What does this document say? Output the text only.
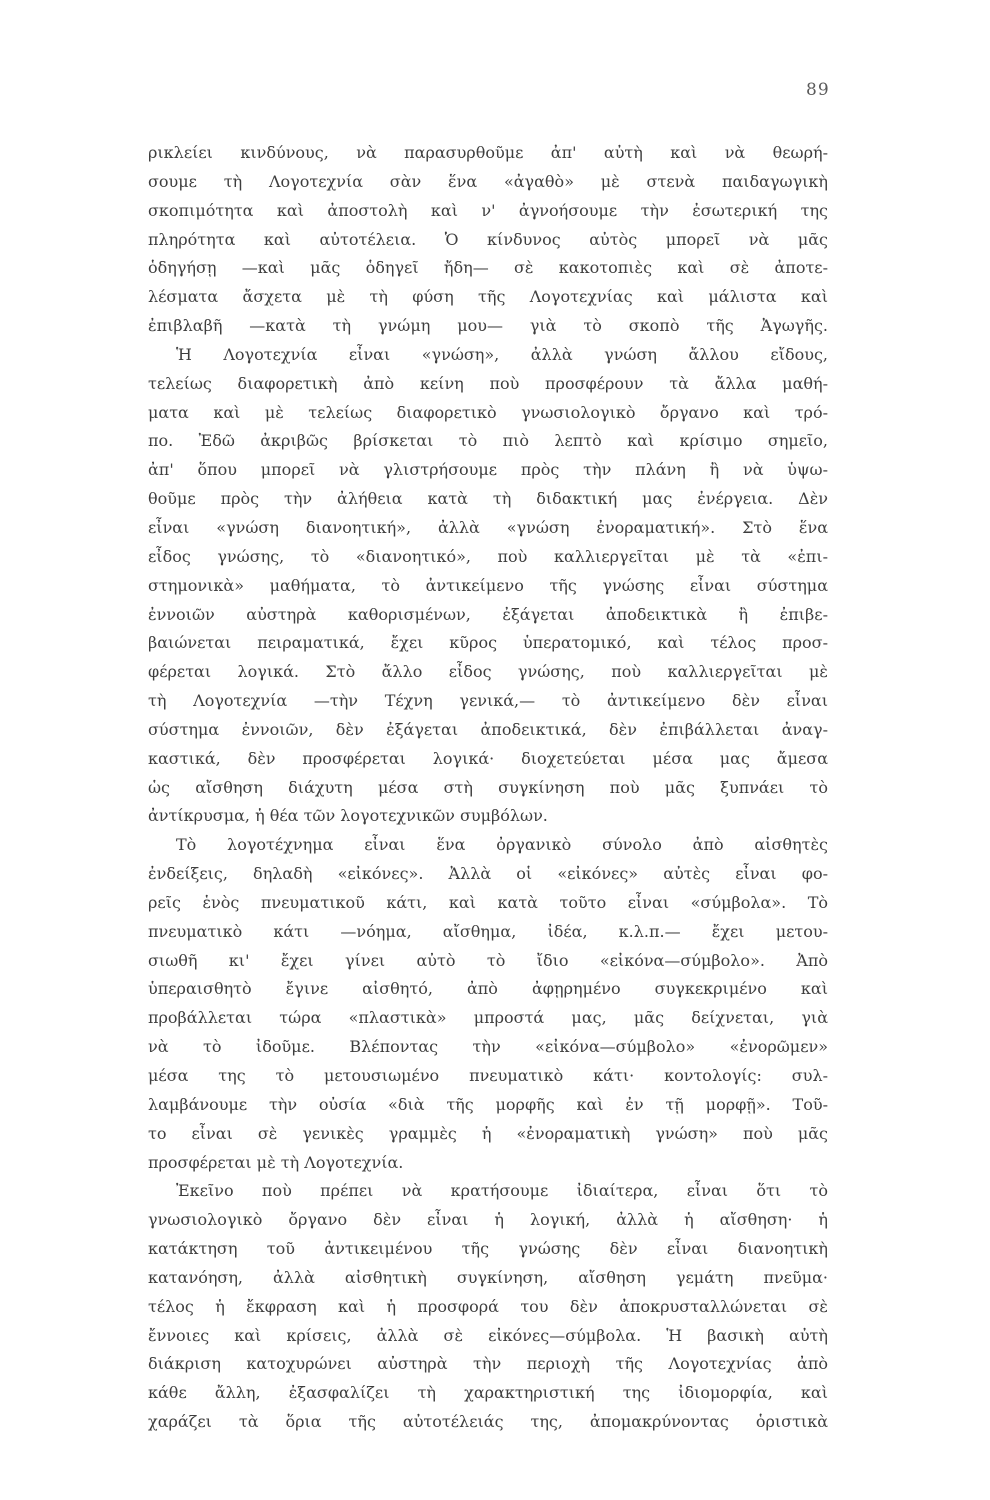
89
ρικλείει κινδύνους, νὰ παρασυρθοῦμε ἀπ' αὐτὴ καὶ νὰ θεωρή-
σουμε τὴ Λογοτεχνία σὰν ἕνα «ἀγαθὸ» μὲ στενὰ παιδαγωγικὴ
σκοπιμότητα καὶ ἀποστολὴ καὶ ν' ἀγνοήσουμε τὴν ἐσωτερική της
πληρότητα καὶ αὐτοτέλεια. Ὁ κίνδυνος αὐτὸς μπορεῖ νὰ μᾶς
ὁδηγήσῃ —καὶ μᾶς ὁδηγεῖ ἤδη— σὲ κακοτοπιὲς καὶ σὲ ἀποτε-
λέσματα ἄσχετα μὲ τὴ φύση τῆς Λογοτεχνίας καὶ μάλιστα καὶ
ἐπιβλαβῆ —κατὰ τὴ γνώμη μου— γιὰ τὸ σκοπὸ τῆς Ἀγωγῆς.
Ἡ Λογοτεχνία εἶναι «γνώση», ἀλλὰ γνώση ἄλλου εἴδους,
τελείως διαφορετικὴ ἀπὸ κείνη ποὺ προσφέρουν τὰ ἄλλα μαθή-
ματα καὶ μὲ τελείως διαφορετικὸ γνωσιολογικὸ ὄργανο καὶ τρό-
πο. Ἐδῶ ἀκριβῶς βρίσκεται τὸ πιὸ λεπτὸ καὶ κρίσιμο σημεῖο,
ἀπ' ὅπου μπορεῖ νὰ γλιστρήσουμε πρὸς τὴν πλάνη ἢ νὰ ὑψω-
θοῦμε πρὸς τὴν ἀλήθεια κατὰ τὴ διδακτική μας ἐνέργεια. Δὲν
εἶναι «γνώση διανοητική», ἀλλὰ «γνώση ἐνοραματική». Στὸ ἕνα
εἶδος γνώσης, τὸ «διανοητικό», ποὺ καλλιεργεῖται μὲ τὰ «ἐπι-
στημονικὰ» μαθήματα, τὸ ἀντικείμενο τῆς γνώσης εἶναι σύστημα
ἐννοιῶν αὐστηρὰ καθορισμένων, ἐξάγεται ἀποδεικτικὰ ἢ ἐπιβε-
βαιώνεται πειραματικά, ἔχει κῦρος ὑπερατομικό, καὶ τέλος προσ-
φέρεται λογικά. Στὸ ἄλλο εἶδος γνώσης, ποὺ καλλιεργεῖται μὲ
τὴ Λογοτεχνία —τὴν Τέχνη γενικά,— τὸ ἀντικείμενο δὲν εἶναι
σύστημα ἐννοιῶν, δὲν ἐξάγεται ἀποδεικτικά, δὲν ἐπιβάλλεται ἀναγ-
καστικά, δὲν προσφέρεται λογικά· διοχετεύεται μέσα μας ἄμεσα
ὡς αἴσθηση διάχυτη μέσα στὴ συγκίνηση ποὺ μᾶς ξυπνάει τὸ
ἀντίκρυσμα, ἡ θέα τῶν λογοτεχνικῶν συμβόλων.
Τὸ λογοτέχνημα εἶναι ἕνα ὀργανικὸ σύνολο ἀπὸ αἰσθητὲς
ἐνδείξεις, δηλαδὴ «εἰκόνες». Ἀλλὰ οἱ «εἰκόνες» αὐτὲς εἶναι φο-
ρεῖς ἑνὸς πνευματικοῦ κάτι, καὶ κατὰ τοῦτο εἶναι «σύμβολα». Τὸ
πνευματικὸ κάτι —νόημα, αἴσθημα, ἰδέα, κ.λ.π.— ἔχει μετου-
σιωθῆ κι' ἔχει γίνει αὐτὸ τὸ ἴδιο «εἰκόνα—σύμβολο». Ἀπὸ
ὑπεραισθητὸ ἔγινε αἰσθητό, ἀπὸ ἀφῃρημένο συγκεκριμένο καὶ
προβάλλεται τώρα «πλαστικὰ» μπροστά μας, μᾶς δείχνεται, γιὰ
νὰ τὸ ἰδοῦμε. Βλέποντας τὴν «εἰκόνα—σύμβολο» «ἐνορῶμεν»
μέσα της τὸ μετουσιωμένο πνευματικὸ κάτι· κοντολογίς: συλ-
λαμβάνουμε τὴν οὐσία «διὰ τῆς μορφῆς καὶ ἐν τῇ μορφῇ». Τοῦ-
το εἶναι σὲ γενικὲς γραμμὲς ἡ «ἐνοραματικὴ γνώση» ποὺ μᾶς
προσφέρεται μὲ τὴ Λογοτεχνία.
Ἐκεῖνο ποὺ πρέπει νὰ κρατήσουμε ἰδιαίτερα, εἶναι ὅτι τὸ
γνωσιολογικὸ ὄργανο δὲν εἶναι ἡ λογική, ἀλλὰ ἡ αἴσθηση· ἡ
κατάκτηση τοῦ ἀντικειμένου τῆς γνώσης δὲν εἶναι διανοητικὴ
κατανόηση, ἀλλὰ αἰσθητικὴ συγκίνηση, αἴσθηση γεμάτη πνεῦμα·
τέλος ἡ ἔκφραση καὶ ἡ προσφορά του δὲν ἀποκρυσταλλώνεται σὲ
ἔννοιες καὶ κρίσεις, ἀλλὰ σὲ εἰκόνες—σύμβολα. Ἡ βασικὴ αὐτὴ
διάκριση κατοχυρώνει αὐστηρὰ τὴν περιοχὴ τῆς Λογοτεχνίας ἀπὸ
κάθε ἄλλη, ἐξασφαλίζει τὴ χαρακτηριστική της ἰδιομορφία, καὶ
χαράζει τὰ ὅρια τῆς αὐτοτέλειάς της, ἀπομακρύνοντας ὁριστικὰ
